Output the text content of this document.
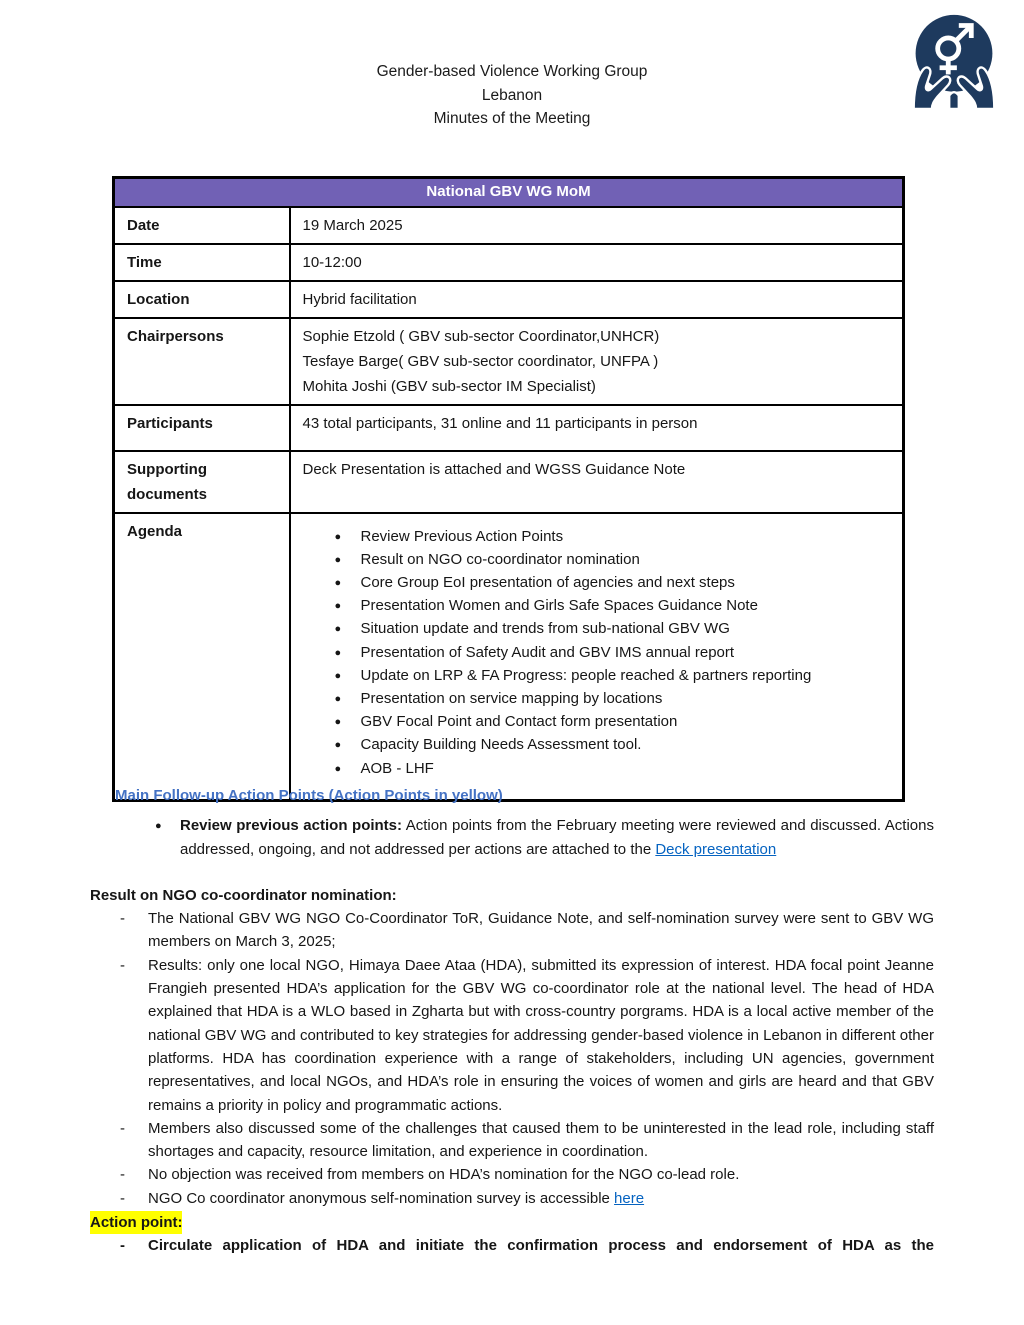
Gender-based Violence Working Group
Lebanon
Minutes of the Meeting
National GBV WG MoM	
Date	19 March 2025
Time	10-12:00
Location	Hybrid facilitation
Chairpersons	Sophie Etzold ( GBV sub-sector Coordinator,UNHCR)
Tesfaye Barge( GBV sub-sector coordinator, UNFPA )
Mohita Joshi (GBV sub-sector IM Specialist)

Participants	43 total participants, 31 online and 11 participants in person

Supporting
documents	Deck Presentation is attached and WGSS Guidance Note
Agenda	●	Review Previous Action Points
●	Result on NGO co-coordinator nomination
●	Core Group EoI presentation of agencies and next steps
●	Presentation Women and Girls Safe Spaces Guidance Note
●	Situation update and trends from sub-national GBV WG
●	Presentation of Safety Audit and GBV IMS annual report
●	Update on LRP & FA Progress: people reached & partners reporting
●	Presentation on service mapping by locations
●	GBV Focal Point and Contact form presentation
●	Capacity Building Needs Assessment tool.
●	AOB - LHF
Main Follow-up Action Points (Action Points in yellow)
●	Review previous action points: Action points from the February meeting were reviewed and discussed. Actions addressed, ongoing, and not addressed per actions are attached to the Deck presentation
Result on NGO co-coordinator nomination:
-	The National GBV WG NGO Co-Coordinator ToR, Guidance Note, and self-nomination survey were sent to GBV WG members on March 3, 2025;
-	Results: only one local NGO, Himaya Daee Ataa (HDA), submitted its expression of interest. HDA focal point Jeanne Frangieh presented HDA’s application for the GBV WG co-coordinator role at the national level. The head of HDA explained that HDA is a WLO based in Zgharta but with cross-country porgrams. HDA is a local active member of the national GBV WG and contributed to key strategies for addressing gender-based violence in Lebanon in different other platforms. HDA has coordination experience with a range of stakeholders, including UN agencies, government representatives, and local NGOs, and HDA’s role in ensuring the voices of women and girls are heard and that GBV remains a priority in policy and programmatic actions.
-	Members also discussed some of the challenges that caused them to be uninterested in the lead role, including staff shortages and capacity, resource limitation, and experience in coordination.
-	No objection was received from members on HDA’s nomination for the NGO co-lead role.
-	NGO Co coordinator anonymous self-nomination survey is accessible here
Action point:
-	Circulate application of HDA and initiate the confirmation process and endorsement of HDA as the
